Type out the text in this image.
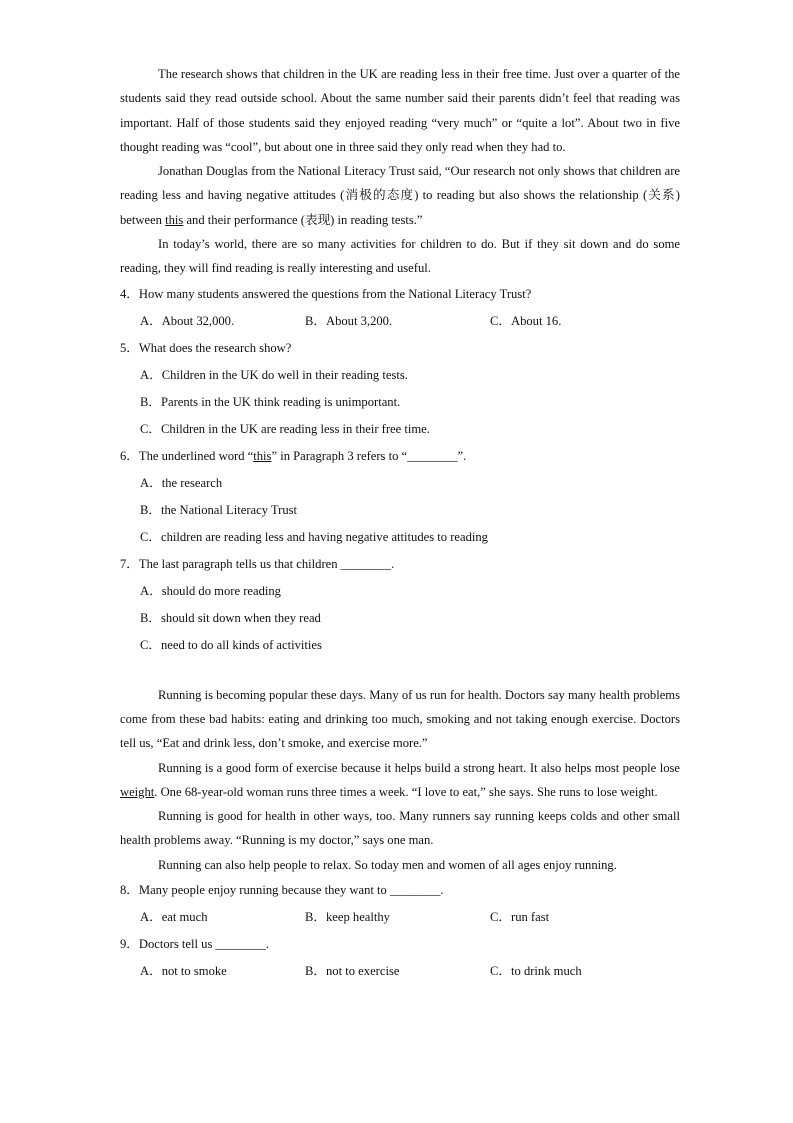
The research shows that children in the UK are reading less in their free time. Just over a quarter of the students said they read outside school. About the same number said their parents didn’t feel that reading was important. Half of those students said they enjoyed reading “very much” or “quite a lot”. About two in five thought reading was “cool”, but about one in three said they only read when they had to.

Jonathan Douglas from the National Literacy Trust said, “Our research not only shows that children are reading less and having negative attitudes (消极的态度) to reading but also shows the relationship (关系) between this and their performance (表现) in reading tests.”

In today’s world, there are so many activities for children to do. But if they sit down and do some reading, they will find reading is really interesting and useful.

4．How many students answered the questions from the National Literacy Trust?

A．About 32,000.	B．About 3,200.	C．About 16.

5．What does the research show?

A．Children in the UK do well in their reading tests.

B．Parents in the UK think reading is unimportant.

C．Children in the UK are reading less in their free time.

6．The underlined word “this” in Paragraph 3 refers to “________”.

A．the research

B．the National Literacy Trust

C．children are reading less and having negative attitudes to reading

7．The last paragraph tells us that children ________.

A．should do more reading

B．should sit down when they read

C．need to do all kinds of activities

Running is becoming popular these days. Many of us run for health. Doctors say many health problems come from these bad habits: eating and drinking too much, smoking and not taking enough exercise. Doctors tell us, “Eat and drink less, don’t smoke, and exercise more.”

Running is a good form of exercise because it helps build a strong heart. It also helps most people lose weight. One 68-year-old woman runs three times a week. “I love to eat,” she says. She runs to lose weight.

Running is good for health in other ways, too. Many runners say running keeps colds and other small health problems away. “Running is my doctor,” says one man.

Running can also help people to relax. So today men and women of all ages enjoy running.

8．Many people enjoy running because they want to ________.

A．eat much	B．keep healthy	C．run fast

9．Doctors tell us ________.

A．not to smoke	B．not to exercise	C．to drink much
